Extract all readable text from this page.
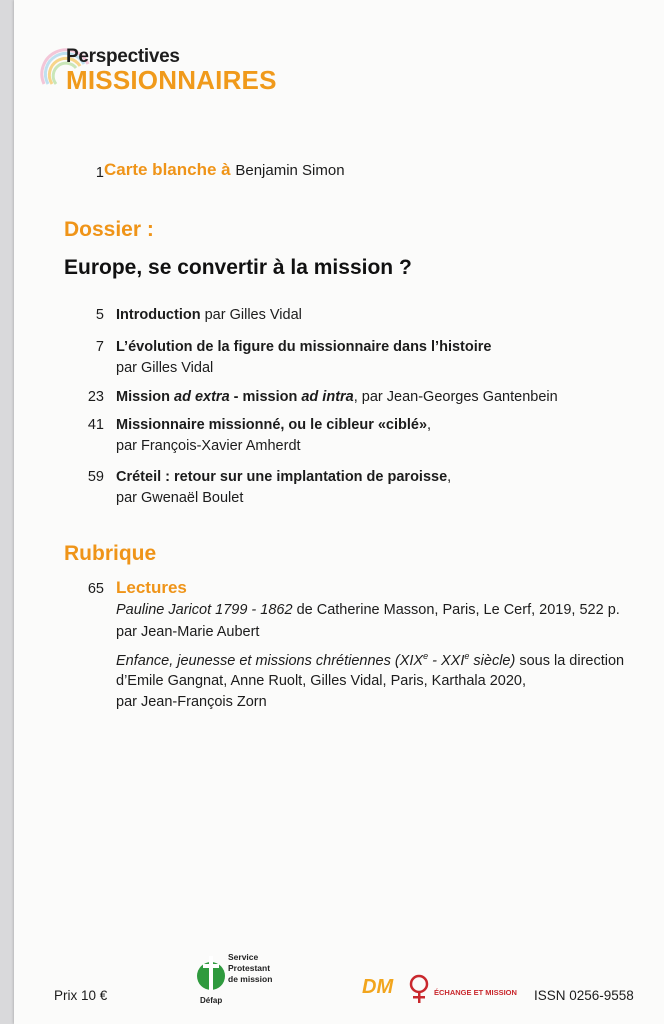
Perspectives
MISSIONNAIRES
1 Carte blanche à Benjamin Simon
Dossier :
Europe, se convertir à la mission ?
5 Introduction par Gilles Vidal
7 L’évolution de la figure du missionnaire dans l’histoire
par Gilles Vidal
23 Mission ad extra - mission ad intra, par Jean-Georges Gantenbein
41 Missionnaire missionné, ou le cibleur «ciblé»,
par François-Xavier Amherdt
59 Créteil : retour sur une implantation de paroisse,
par Gwenaël Boulet
Rubrique
65 Lectures
Pauline Jaricot 1799 - 1862 de Catherine Masson, Paris, Le Cerf, 2019, 522 p.
par Jean-Marie Aubert
Enfance, jeunesse et missions chrétiennes (XIXe - XXIe siècle) sous la direction
d’Emile Gangnat, Anne Ruolt, Gilles Vidal, Paris, Karthala 2020,
par Jean-François Zorn
Prix 10 €
Service
Protestant
de mission
Défap
DM	ÉCHANGE ET MISSION ISSN 0256-9558
